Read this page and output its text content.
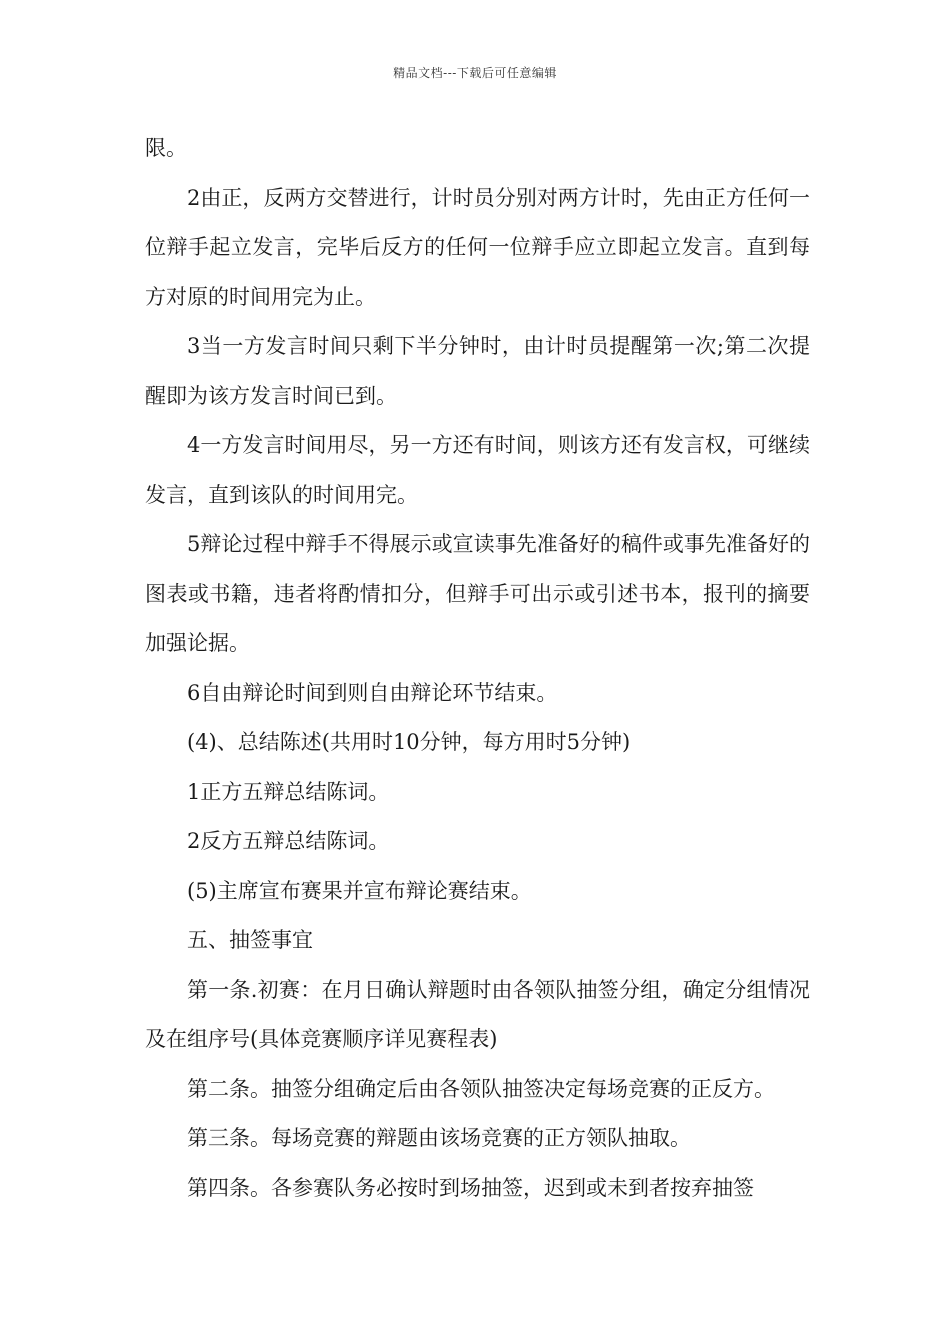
精品文档---下载后可任意编辑

限。

2由正，反两方交替进行，计时员分别对两方计时，先由正方任何一位辩手起立发言，完毕后反方的任何一位辩手应立即起立发言。直到每方对原的时间用完为止。

3当一方发言时间只剩下半分钟时，由计时员提醒第一次;第二次提醒即为该方发言时间已到。

4一方发言时间用尽，另一方还有时间，则该方还有发言权，可继续发言，直到该队的时间用完。

5辩论过程中辩手不得展示或宣读事先准备好的稿件或事先准备好的图表或书籍，违者将酌情扣分，但辩手可出示或引述书本，报刊的摘要加强论据。

6自由辩论时间到则自由辩论环节结束。

(4)、总结陈述(共用时10分钟，每方用时5分钟)

1正方五辩总结陈词。

2反方五辩总结陈词。

(5)主席宣布赛果并宣布辩论赛结束。

五、抽签事宜

第一条.初赛：在月日确认辩题时由各领队抽签分组，确定分组情况及在组序号(具体竞赛顺序详见赛程表)

第二条。抽签分组确定后由各领队抽签决定每场竞赛的正反方。

第三条。每场竞赛的辩题由该场竞赛的正方领队抽取。

第四条。各参赛队务必按时到场抽签，迟到或未到者按弃抽签
